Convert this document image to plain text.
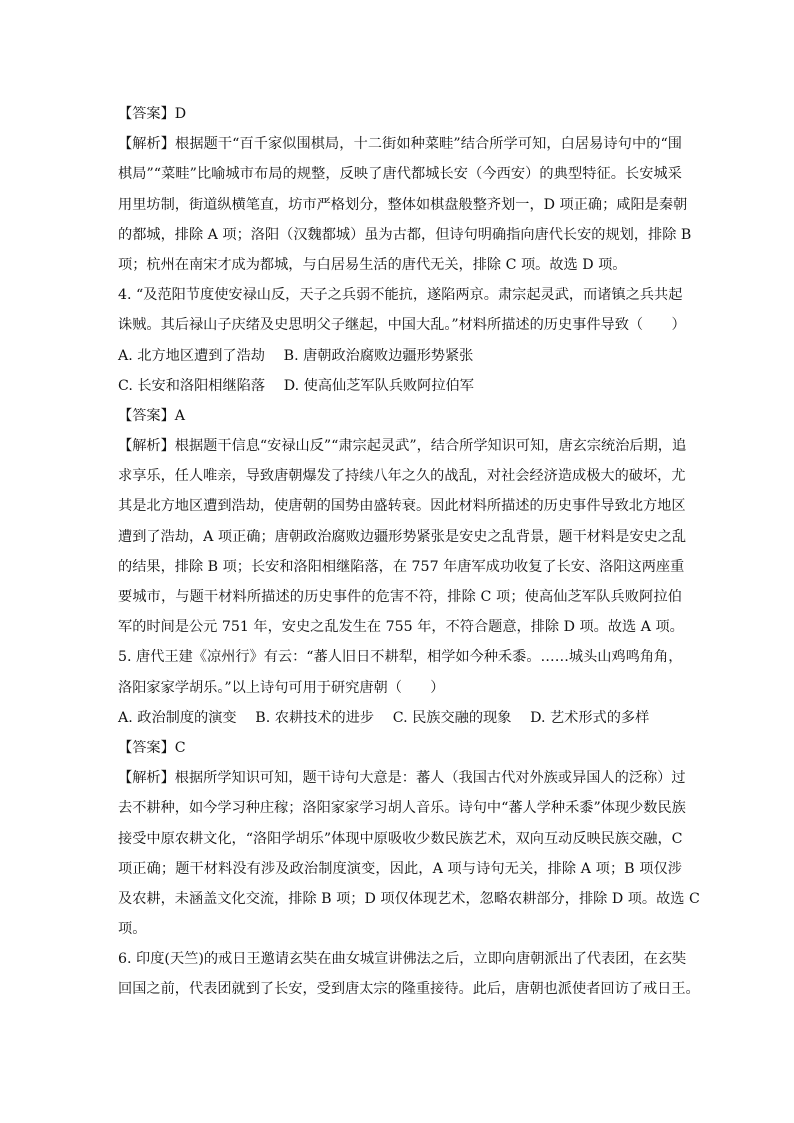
【答案】D
【解析】根据题干“百千家似围棋局，十二街如种菜畦”结合所学可知，白居易诗句中的“围
棋局”“菜畦”比喻城市布局的规整，反映了唐代都城长安（今西安）的典型特征。长安城采
用里坊制，街道纵横笔直，坊市严格划分，整体如棋盘般整齐划一，D 项正确；咸阳是秦朝
的都城，排除 A 项；洛阳（汉魏都城）虽为古都，但诗句明确指向唐代长安的规划，排除 B
项；杭州在南宋才成为都城，与白居易生活的唐代无关，排除 C 项。故选 D 项。
4. “及范阳节度使安禄山反，天子之兵弱不能抗，遂陷两京。肃宗起灵武，而诸镇之兵共起
诛贼。其后禄山子庆绪及史思明父子继起，中国大乱。”材料所描述的历史事件导致（　　）
A. 北方地区遭到了浩劫　 B. 唐朝政治腐败边疆形势紧张
C. 长安和洛阳相继陷落　 D. 使高仙芝军队兵败阿拉伯军
【答案】A
【解析】根据题干信息“安禄山反”“肃宗起灵武”，结合所学知识可知，唐玄宗统治后期，追
求享乐，任人唯亲，导致唐朝爆发了持续八年之久的战乱，对社会经济造成极大的破坏，尤
其是北方地区遭到浩劫，使唐朝的国势由盛转衰。因此材料所描述的历史事件导致北方地区
遭到了浩劫，A 项正确；唐朝政治腐败边疆形势紧张是安史之乱背景，题干材料是安史之乱
的结果，排除 B 项；长安和洛阳相继陷落，在 757 年唐军成功收复了长安、洛阳这两座重
要城市，与题干材料所描述的历史事件的危害不符，排除 C 项；使高仙芝军队兵败阿拉伯
军的时间是公元 751 年，安史之乱发生在 755 年，不符合题意，排除 D 项。故选 A 项。
5. 唐代王建《凉州行》有云：“蕃人旧日不耕犁，相学如今种禾黍。……城头山鸡鸣角角，
洛阳家家学胡乐。”以上诗句可用于研究唐朝（　　）
A. 政治制度的演变　 B. 农耕技术的进步　 C. 民族交融的现象　 D. 艺术形式的多样
【答案】C
【解析】根据所学知识可知，题干诗句大意是：蕃人（我国古代对外族或异国人的泛称）过
去不耕种，如今学习种庄稼；洛阳家家学习胡人音乐。诗句中“蕃人学种禾黍”体现少数民族
接受中原农耕文化，“洛阳学胡乐”体现中原吸收少数民族艺术，双向互动反映民族交融，C
项正确；题干材料没有涉及政治制度演变，因此，A 项与诗句无关，排除 A 项；B 项仅涉
及农耕，未涵盖文化交流，排除 B 项；D 项仅体现艺术，忽略农耕部分，排除 D 项。故选 C
项。
6. 印度(天竺)的戒日王邀请玄奘在曲女城宣讲佛法之后，立即向唐朝派出了代表团，在玄奘
回国之前，代表团就到了长安，受到唐太宗的隆重接待。此后，唐朝也派使者回访了戒日王。
